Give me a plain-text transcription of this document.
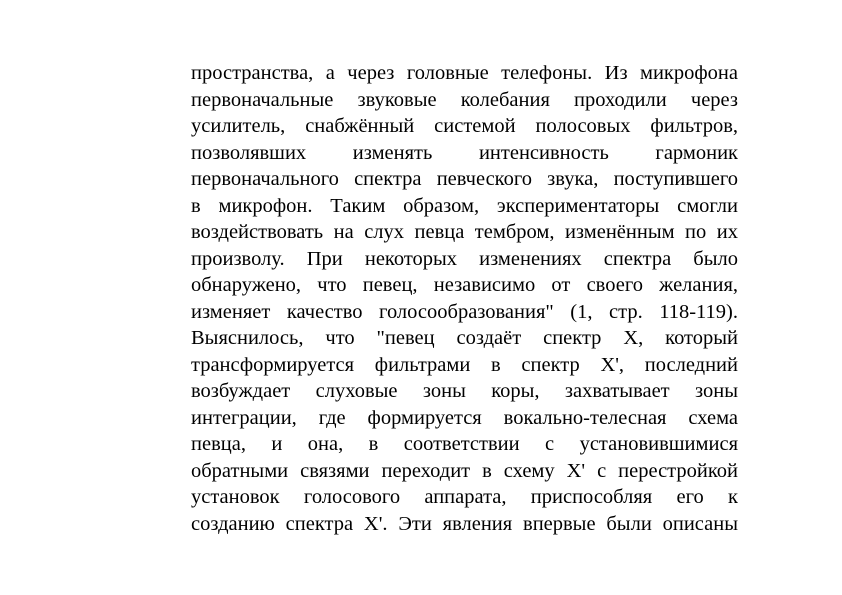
пространства, а через головные телефоны. Из микрофона
первоначальные звуковые колебания проходили через
усилитель, снабжённый системой полосовых фильтров,
позволявших изменять интенсивность гармоник
первоначального спектра певческого звука, поступившего
в микрофон. Таким образом, экспериментаторы смогли
воздействовать на слух певца тембром, изменённым по их
произволу. При некоторых изменениях спектра было
обнаружено, что певец, независимо от своего желания,
изменяет качество голосообразования" (1, стр. 118-119).
Выяснилось, что "певец создаёт спектр X, который
трансформируется фильтрами в спектр X', последний
возбуждает слуховые зоны коры, захватывает зоны
интеграции, где формируется вокально-телесная схема
певца, и она, в соответствии с установившимися
обратными связями переходит в схему X' с перестройкой
установок голосового аппарата, приспособляя его к
созданию спектра X'. Эти явления впервые были описаны
